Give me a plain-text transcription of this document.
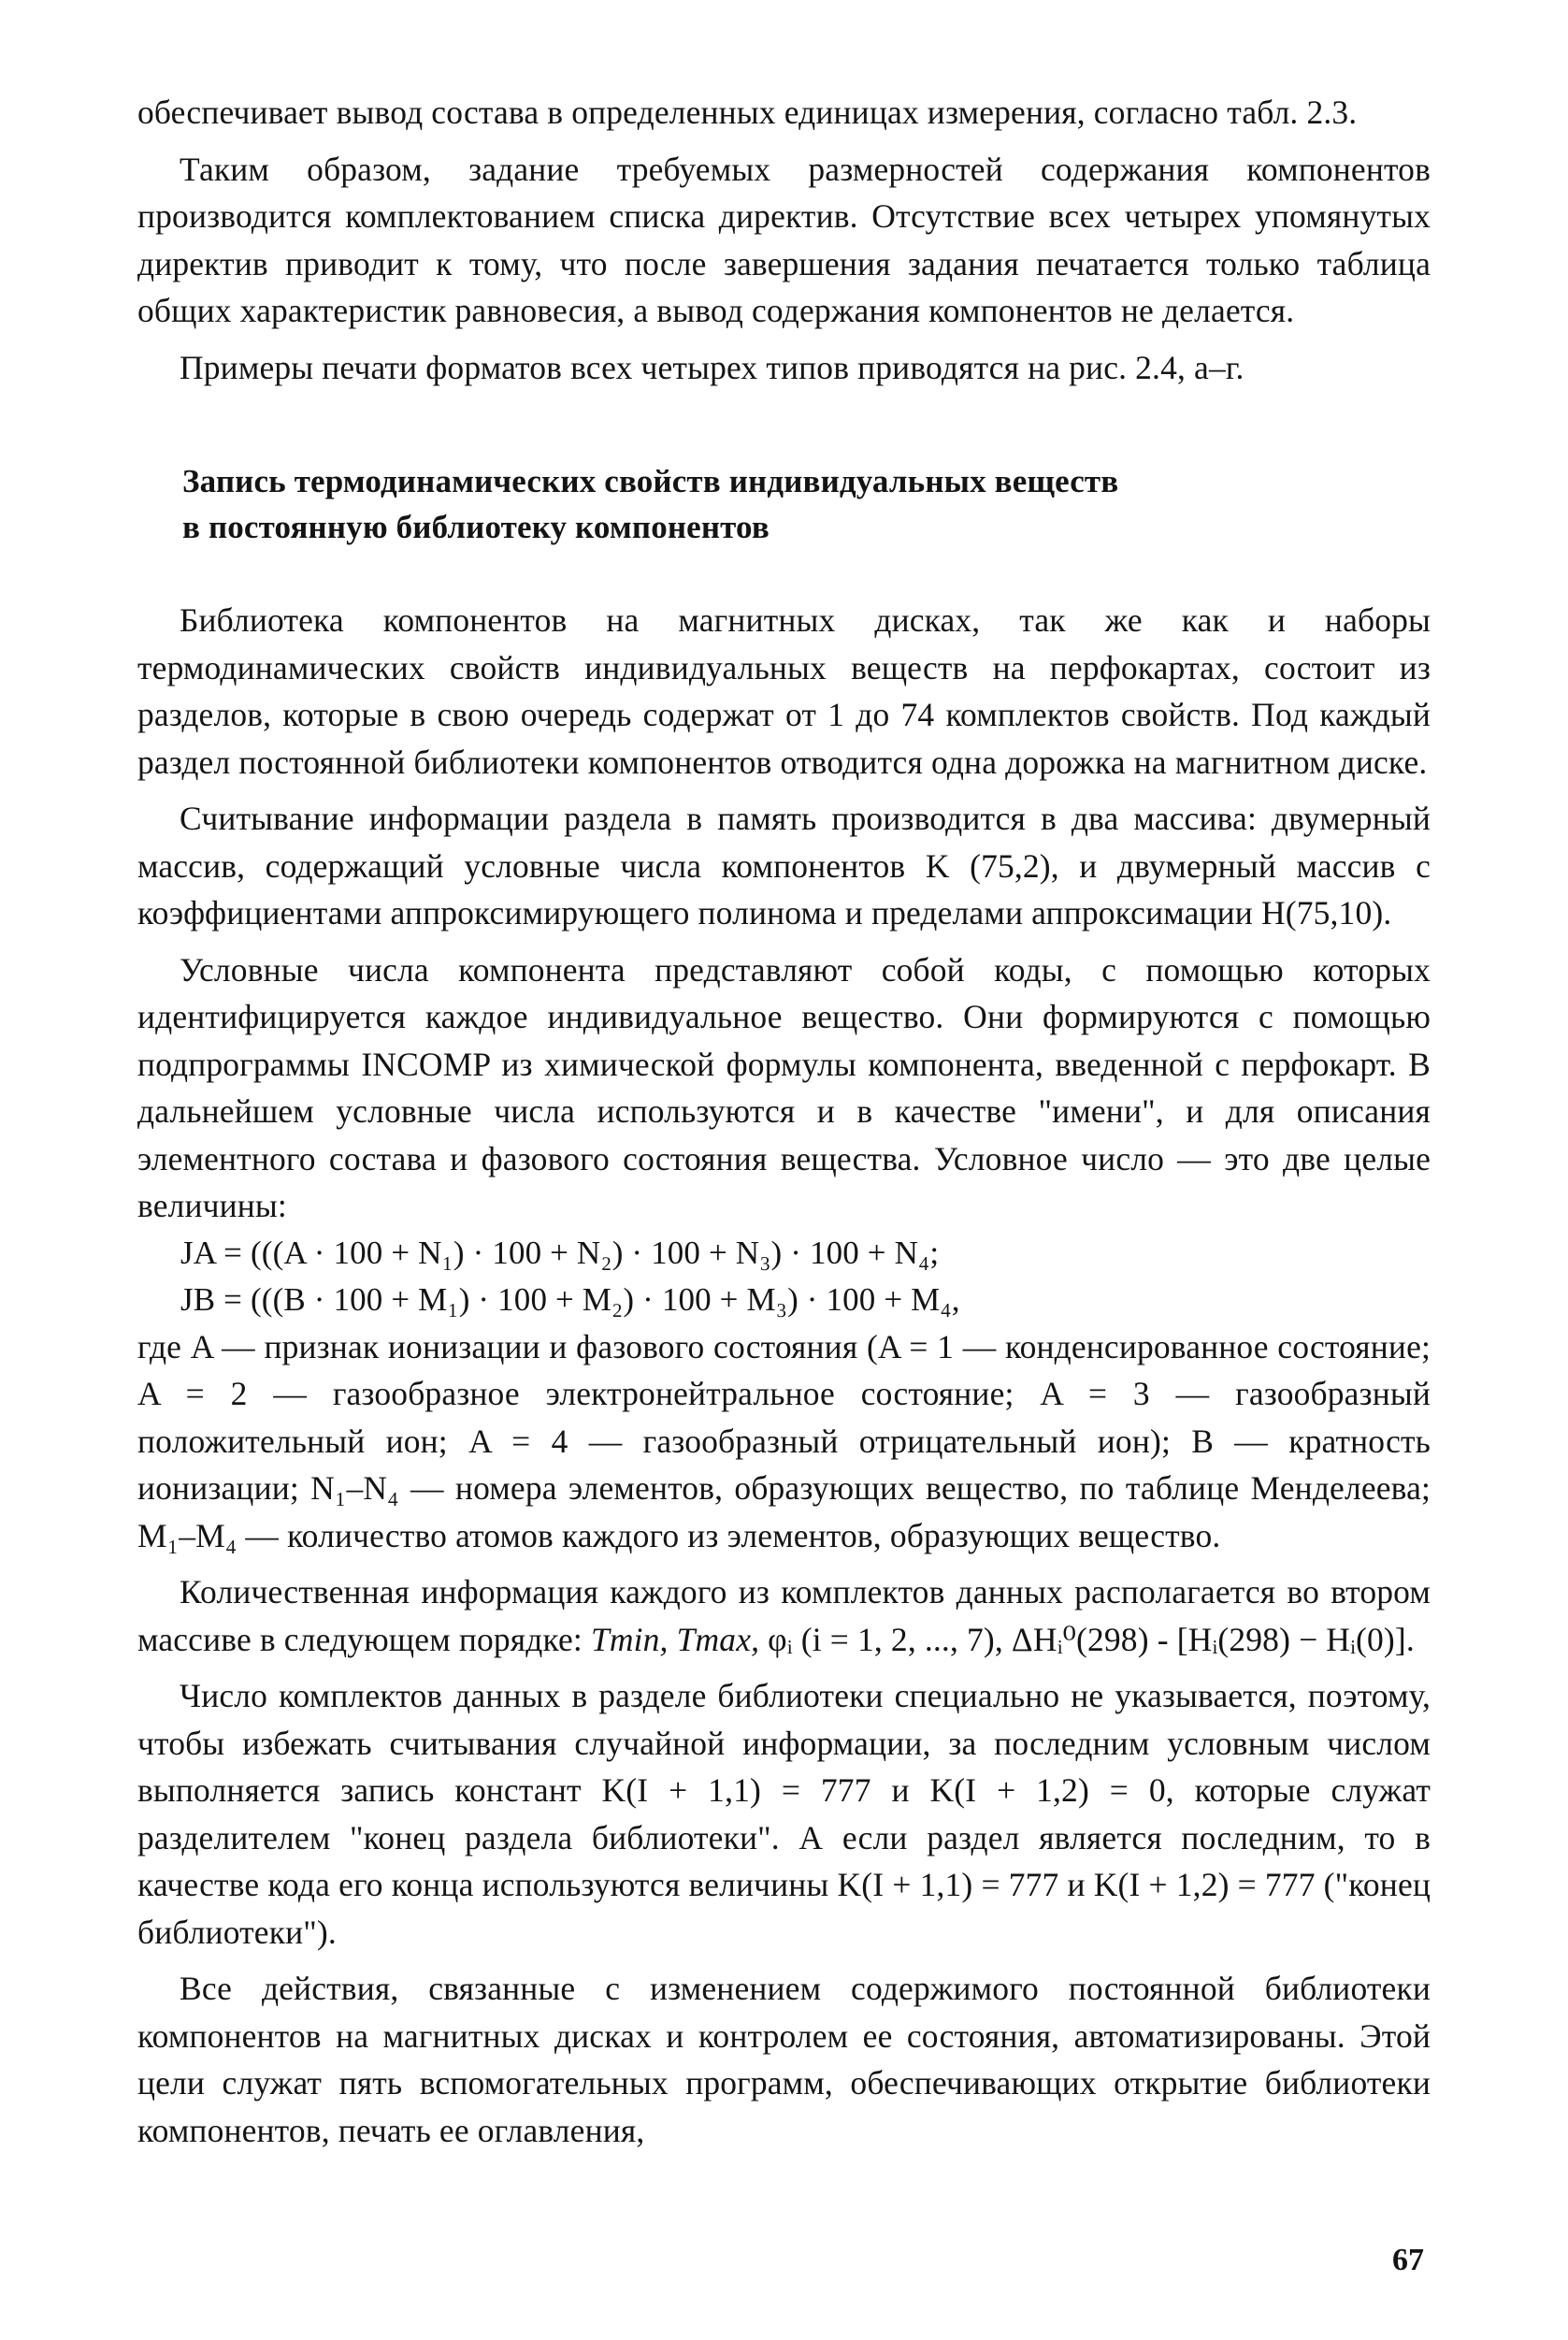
обеспечивает вывод состава в определенных единицах измерения, согласно табл. 2.3.

Таким образом, задание требуемых размерностей содержания компонентов производится комплектованием списка директив. Отсутствие всех четырех упомянутых директив приводит к тому, что после завершения задания печатается только таблица общих характеристик равновесия, а вывод содержания компонентов не делается.

Примеры печати форматов всех четырех типов приводятся на рис. 2.4, а–г.

Запись термодинамических свойств индивидуальных веществ
в постоянную библиотеку компонентов

Библиотека компонентов на магнитных дисках, так же как и наборы термодинамических свойств индивидуальных веществ на перфокартах, состоит из разделов, которые в свою очередь содержат от 1 до 74 комплектов свойств. Под каждый раздел постоянной библиотеки компонентов отводится одна дорожка на магнитном диске.

Считывание информации раздела в память производится в два массива: двумерный массив, содержащий условные числа компонентов K (75,2), и двумерный массив с коэффициентами аппроксимирующего полинома и пределами аппроксимации H(75,10).

Условные числа компонента представляют собой коды, с помощью которых идентифицируется каждое индивидуальное вещество. Они формируются с помощью подпрограммы INCOMP из химической формулы компонента, введенной с перфокарт. В дальнейшем условные числа используются и в качестве "имени", и для описания элементного состава и фазового состояния вещества. Условное число — это две целые величины:

JA = (((A · 100 + N₁) · 100 + N₂) · 100 + N₃) · 100 + N₄;
JB = (((B · 100 + M₁) · 100 + M₂) · 100 + M₃) · 100 + M₄,

где A — признак ионизации и фазового состояния (A = 1 — конденсированное состояние; A = 2 — газообразное электронейтральное состояние; A = 3 — газообразный положительный ион; A = 4 — газообразный отрицательный ион); B — кратность ионизации; N₁–N₄ — номера элементов, образующих вещество, по таблице Менделеева; M₁–M₄ — количество атомов каждого из элементов, образующих вещество.

Количественная информация каждого из комплектов данных располагается во втором массиве в следующем порядке: Tmin, Tmax, φᵢ (i = 1, 2, ..., 7), ΔHᵢ⁰(298) - [Hᵢ(298) − Hᵢ(0)].

Число комплектов данных в разделе библиотеки специально не указывается, поэтому, чтобы избежать считывания случайной информации, за последним условным числом выполняется запись констант K(I + 1,1) = 777 и K(I + 1,2) = 0, которые служат разделителем "конец раздела библиотеки". А если раздел является последним, то в качестве кода его конца используются величины K(I + 1,1) = 777 и K(I + 1,2) = 777 ("конец библиотеки").

Все действия, связанные с изменением содержимого постоянной библиотеки компонентов на магнитных дисках и контролем ее состояния, автоматизированы. Этой цели служат пять вспомогательных программ, обеспечивающих открытие библиотеки компонентов, печать ее оглавления,

67
